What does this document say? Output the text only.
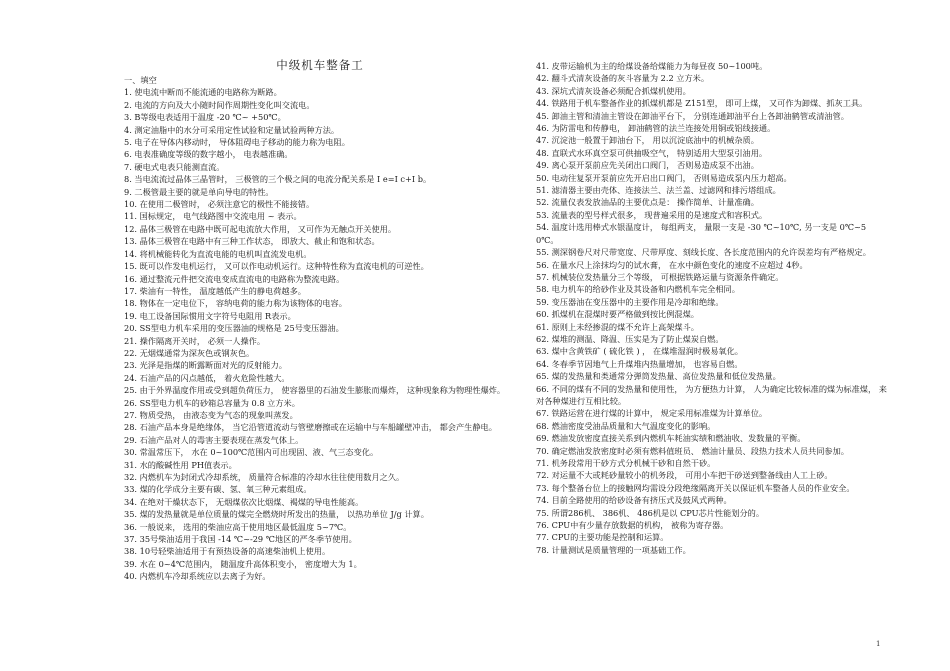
中级机车整备工

一、填空

1. 使电流中断而不能流通的电路称为断路。

2. 电流的方向及大小随时间作周期性变化叫交流电。

3. B等级电表适用于温度 -20 ℃~ +50℃。

4. 测定油脂中的水分可采用定性试验和定量试验两种方法。

5. 电子在导体内移动时， 导体阻碍电子移动的能力称为电阻。

6. 电表准确度等级的数字越小， 电表越准确。

7. 硬电式电表只能测直流。

8. 当电流流过晶体三晶管时， 三极管的三个极之间的电流分配关系是 I e=I c+I b。

9. 二极管最主要的就是单向导电的特性。

10. 在使用二极管时， 必须注意它的极性不能接错。

11. 国标规定， 电气线路图中交流电用 ~ 表示。

12. 晶体三极管在电路中既可起电流放大作用， 又可作为无触点开关使用。

13. 晶体三极管在电路中有三种工作状态， 即放大、截止和饱和状态。

14. 将机械能转化为直流电能的电机叫直流发电机。

15. 既可以作发电机运行， 又可以作电动机运行。这种特性称为直流电机的可逆性。

16. 通过整流元件把交流电变成直流电的电路称为整流电路。

17. 柴油有一特性， 温度越低产生的静电荷越多。

18. 物体在一定电位下， 容纳电荷的能力称为该物体的电容。

19. 电工设备国际惯用文字符号电阻用 R表示。

20. SS型电力机车采用的变压器油的规格是 25号变压器油。

21. 操作隔离开关时， 必须一人操作。

22. 无烟煤通常为深灰色或钢灰色。

23. 光泽是指煤的断露断面对光的反射能力。

24. 石油产品的闪点越低， 着火危险性越大。

25. 由于外界温度作用或受到超负荷压力， 使容器里的石油发生膨胀而爆炸， 这种现象称为物理性爆炸。

26. SS型电力机车的砂箱总容量为 0.8 立方米。

27. 物质受热， 由液态变为气态的现象叫蒸发。

28. 石油产品本身是绝缘体， 当它沿管道流动与管壁磨擦或在运输中与车船罐壁冲击， 都会产生静电。

29. 石油产品对人的毒害主要表现在蒸发气体上。

30. 常温常压下， 水在 0~100℃范围内可出现固、液、气三态变化。

31. 水的酸碱性用 PH值表示。

32. 内燃机车为封闭式冷却系统， 质量符合标准的冷却水往往使用数月之久。

33. 煤的化学成分主要有碳、氢、氧三种元素组成。

34. 在绝对干燥状态下， 无烟煤依次比烟煤、褐煤的导电性能高。

35. 煤的发热量就是单位质量的煤完全燃烧时所发出的热量， 以热功单位 J/g 计算。

36. 一般说来， 选用的柴油应高于使用地区最低温度 5~7℃。

37. 35号柴油适用于我国 -14 ℃~-29 ℃地区的严冬季节使用。

38. 10号轻柴油适用于有预热设备的高速柴油机上使用。

39. 水在 0~4℃范围内， 随温度升高体积变小， 密度增大为 1。

40. 内燃机车冷却系统应以去离子为好。

41. 皮带运输机为主的给煤设备给煤能力为每昼夜 50~100吨。

42. 翻斗式清灰设备的灰斗容量为 2.2 立方米。

43. 深坑式清灰设备必须配合抓煤机使用。

44. 铁路用于机车整备作业的抓煤机都是 Z151型， 即可上煤， 又可作为卸煤、抓灰工具。

45. 卸油主管和清油主管设在卸油平台下， 分别连通卸油平台上各卸油鹤管或清油管。

46. 为防雷电和传静电， 卸油鹤管的法兰连接处用铜或铝线接通。

47. 沉淀池一般置于卸油台下， 用以沉淀底油中的机械杂质。

48. 直联式水环真空泵可供抽吸空气， 特别适用大型泵引油用。

49. 离心泵开泵前应先关闭出口阀门， 否则易造成泵不出油。

50. 电动往复泵开泵前应先开启出口阀门， 否则易造成泵内压力超高。

51. 滤清器主要由壳体、连接法兰、法兰盖、过滤网和排污塔组成。

52. 流量仪表发放油品的主要优点是： 操作简单、计量准确。

53. 流量表的型号样式很多， 现普遍采用的是速度式和容积式。

54. 温度计选用棒式水银温度计， 每组两支， 量限一支是 -30 ℃~10℃, 另一支是 0℃~50℃。

55. 测深钢卷尺对尺带宽度、尺带厚度、刻线长度、各长度范围内的允许误差均有严格规定。

56. 在量水尺上涂抹均匀的试水膏， 在水中颜色变化的速度不应超过 4秒。

57. 机械装位发热量分三个等级， 可根据铁路运量与资源条件确定。

58. 电力机车的给砂作业及其设备和内燃机车完全相同。

59. 变压器油在变压器中的主要作用是冷却和绝缘。

60. 抓煤机在混煤时要严格做到按比例混煤。

61. 原则上未经掺混的煤不允许上高架煤斗。

62. 煤堆的测温、降温、压实是为了防止煤炭自燃。

63. 煤中含黄铁矿 ( 硫化铁 ) ， 在煤堆湿润时极易氧化。

64. 冬春季节因地气上升煤堆内热量增加， 也容易自燃。

65. 煤的发热量和类通常分弹筒发热量、高位发热量和低位发热量。

66. 不同的煤有不同的发热量和使用性， 为方便热力计算， 人为确定比较标准的煤为标准煤， 来对各种煤进行互相比较。

67. 铁路运营在进行煤的计算中， 规定采用标准煤为计算单位。

68. 燃油密度受油品质量和大气温度变化的影响。

69. 燃油发放密度直接关系到内燃机车耗油实绩和燃油收、发数量的平衡。

70. 确定燃油发放密度时必须有燃料值班员、 燃油计量员、段热力技术人员共同参加。

71. 机务段常用干砂方式分机械干砂和自然干砂。

72. 对运量不大或耗砂量较小的机务段， 可用小车把干砂送到整备线由人工上砂。

73. 每个整备台位上的接触网均需设分段绝缘隔离开关以保证机车整备人员的作业安全。

74. 目前全路使用的给砂设备有挤压式及鼓风式两种。

75. 所谓286机、 386机、 486机是以 CPU芯片性能划分的。

76. CPU中有少量存放数据的机构， 被称为寄存器。

77. CPU的主要功能是控制和运算。

78. 计量测试是质量管理的一项基础工作。

1
